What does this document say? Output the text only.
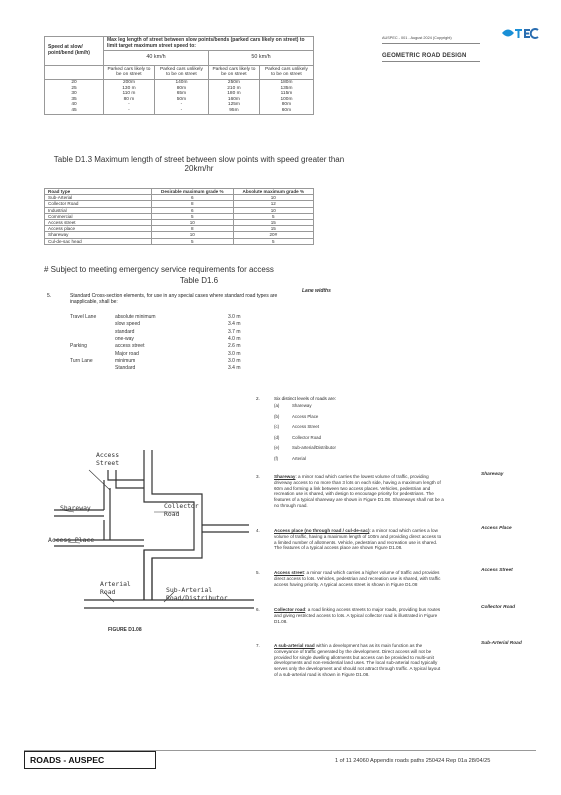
AUSPEC - 001 - August 2024 (Copyright)
GEOMETRIC ROAD DESIGN
Speed at slow/ point/bend (km/h)	Max leg length of street between slow points/bends (parked cars likely on street) to limit target maximum street speed to:			
	40 km/h		50 km/h	
	Parked cars likely to be on street	Parked cars unlikely to be on street	Parked cars likely to be on street	Parked cars unlikely to be on street
20	200m	140m	250m	180m
25	130 m	80m	210 m	135m
30	110 m	65m	180 m	115m
35	80 m	50m	160m	100m
40	-	-	125m	80m
45	-	-	95m	60m
Table D1.3 Maximum length of street between slow points with speed greater than 20km/hr
Road type	Desirable maximum grade %	Absolute maximum grade %
Sub-Arterial	6	10
Collector Road	8	12
Industrial	6	10
Commercial	5	5
Access street	10	15
Access place	8	15
Shareway	10	20#
Cul-de-sac head	5	5
# Subject to meeting emergency service requirements for access
Table D1.6
Lane widths
5.	Standard Cross-section elements, for use in any special cases where standard road types are inapplicable, shall be:
Travel Lane	absolute minimum	3.0 m
slow speed	3.4 m
standard	3.7 m
one-way	4.0 m
Parking	access street	2.6 m
Major road	3.0 m
Turn Lane	minimum	3.0 m
Standard	3.4 m
2.	Six distinct levels of roads are:
(a)	Shareway
(b)	Access Place
(c)	Access Street
(d)	Collector Road
(e)	Sub-arterial/Distributor
(f)	Arterial
Access
Street
Collector
Road
Shareway
Access Place
Arterial
Road	Sub-Arterial
Road/Distributor
FIGURE D1.08
3.	Shareway: a minor road which carries the lowest volume of traffic, providing driveway access to no more than 3 lots on each side, having a maximum length of 60m and forming a link between two access places. Vehicles, pedestrian and recreation use is shared, with design to encourage priority for pedestrians. The features of a typical shareway are shown in Figure D1.08. Shareways shall not be a no through road.
Shareway
4.	Access place (no through road / cul-de-sac): a minor road which carries a low volume of traffic, having a maximum length of 100m and providing direct access to a limited number of allotments. Vehicle, pedestrian and recreation use is shared. The features of a typical access place are shown Figure D1.08.
Access Place
5.	Access street: a minor road which carries a higher volume of traffic and provides direct access to lots. Vehicles, pedestrian and recreation use is shared, with traffic access having priority. A typical access street is shown in Figure D1.08
Access Street
6.	Collector road: a road linking access streets to major roads, providing bus routes and giving restricted access to lots. A typical collector road is illustrated in Figure D1.08.
Collector Road
7.	A sub-arterial road within a development has as its main function as the conveyance of traffic generated by the development. Direct access will not be provided for single dwelling allotments but access can be provided to multi-unit developments and non-residential land uses. The local sub-arterial road typically serves only the development and should not attract through traffic. A typical layout of a sub-arterial road is shown in Figure D1.08.
Sub-Arterial Road
ROADS - AUSPEC	1 of 11 24060 Appendix roads paths 250424 Rep 01a 28/04/25
